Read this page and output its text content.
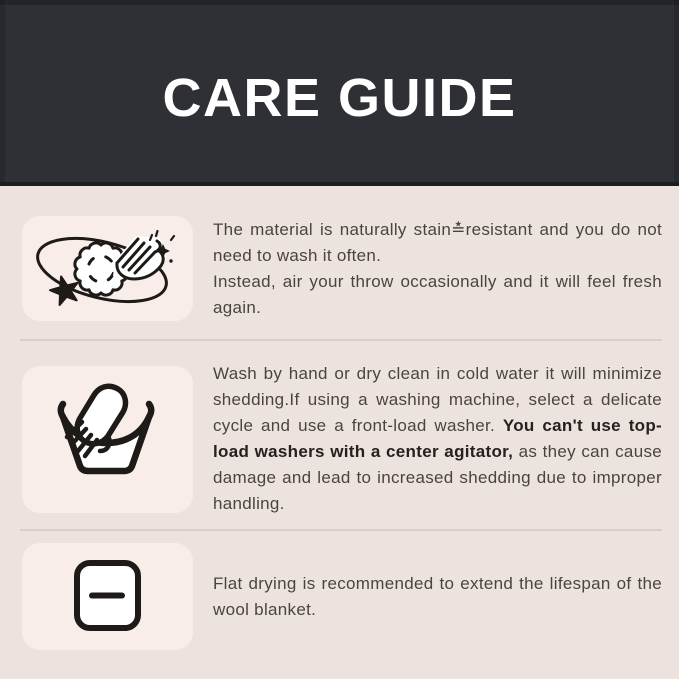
CARE GUIDE

The material is naturally stain≛resistant and you do not need to wash it often.
Instead, air your throw occasionally and it will feel fresh again.

Wash by hand or dry clean in cold water it will minimize shedding.If using a washing machine, select a delicate cycle and use a front-load washer. You can't use top-load washers with a center agitator, as they can cause damage and lead to increased shedding due to improper handling.

Flat drying is recommended to extend the lifespan of the wool blanket.
